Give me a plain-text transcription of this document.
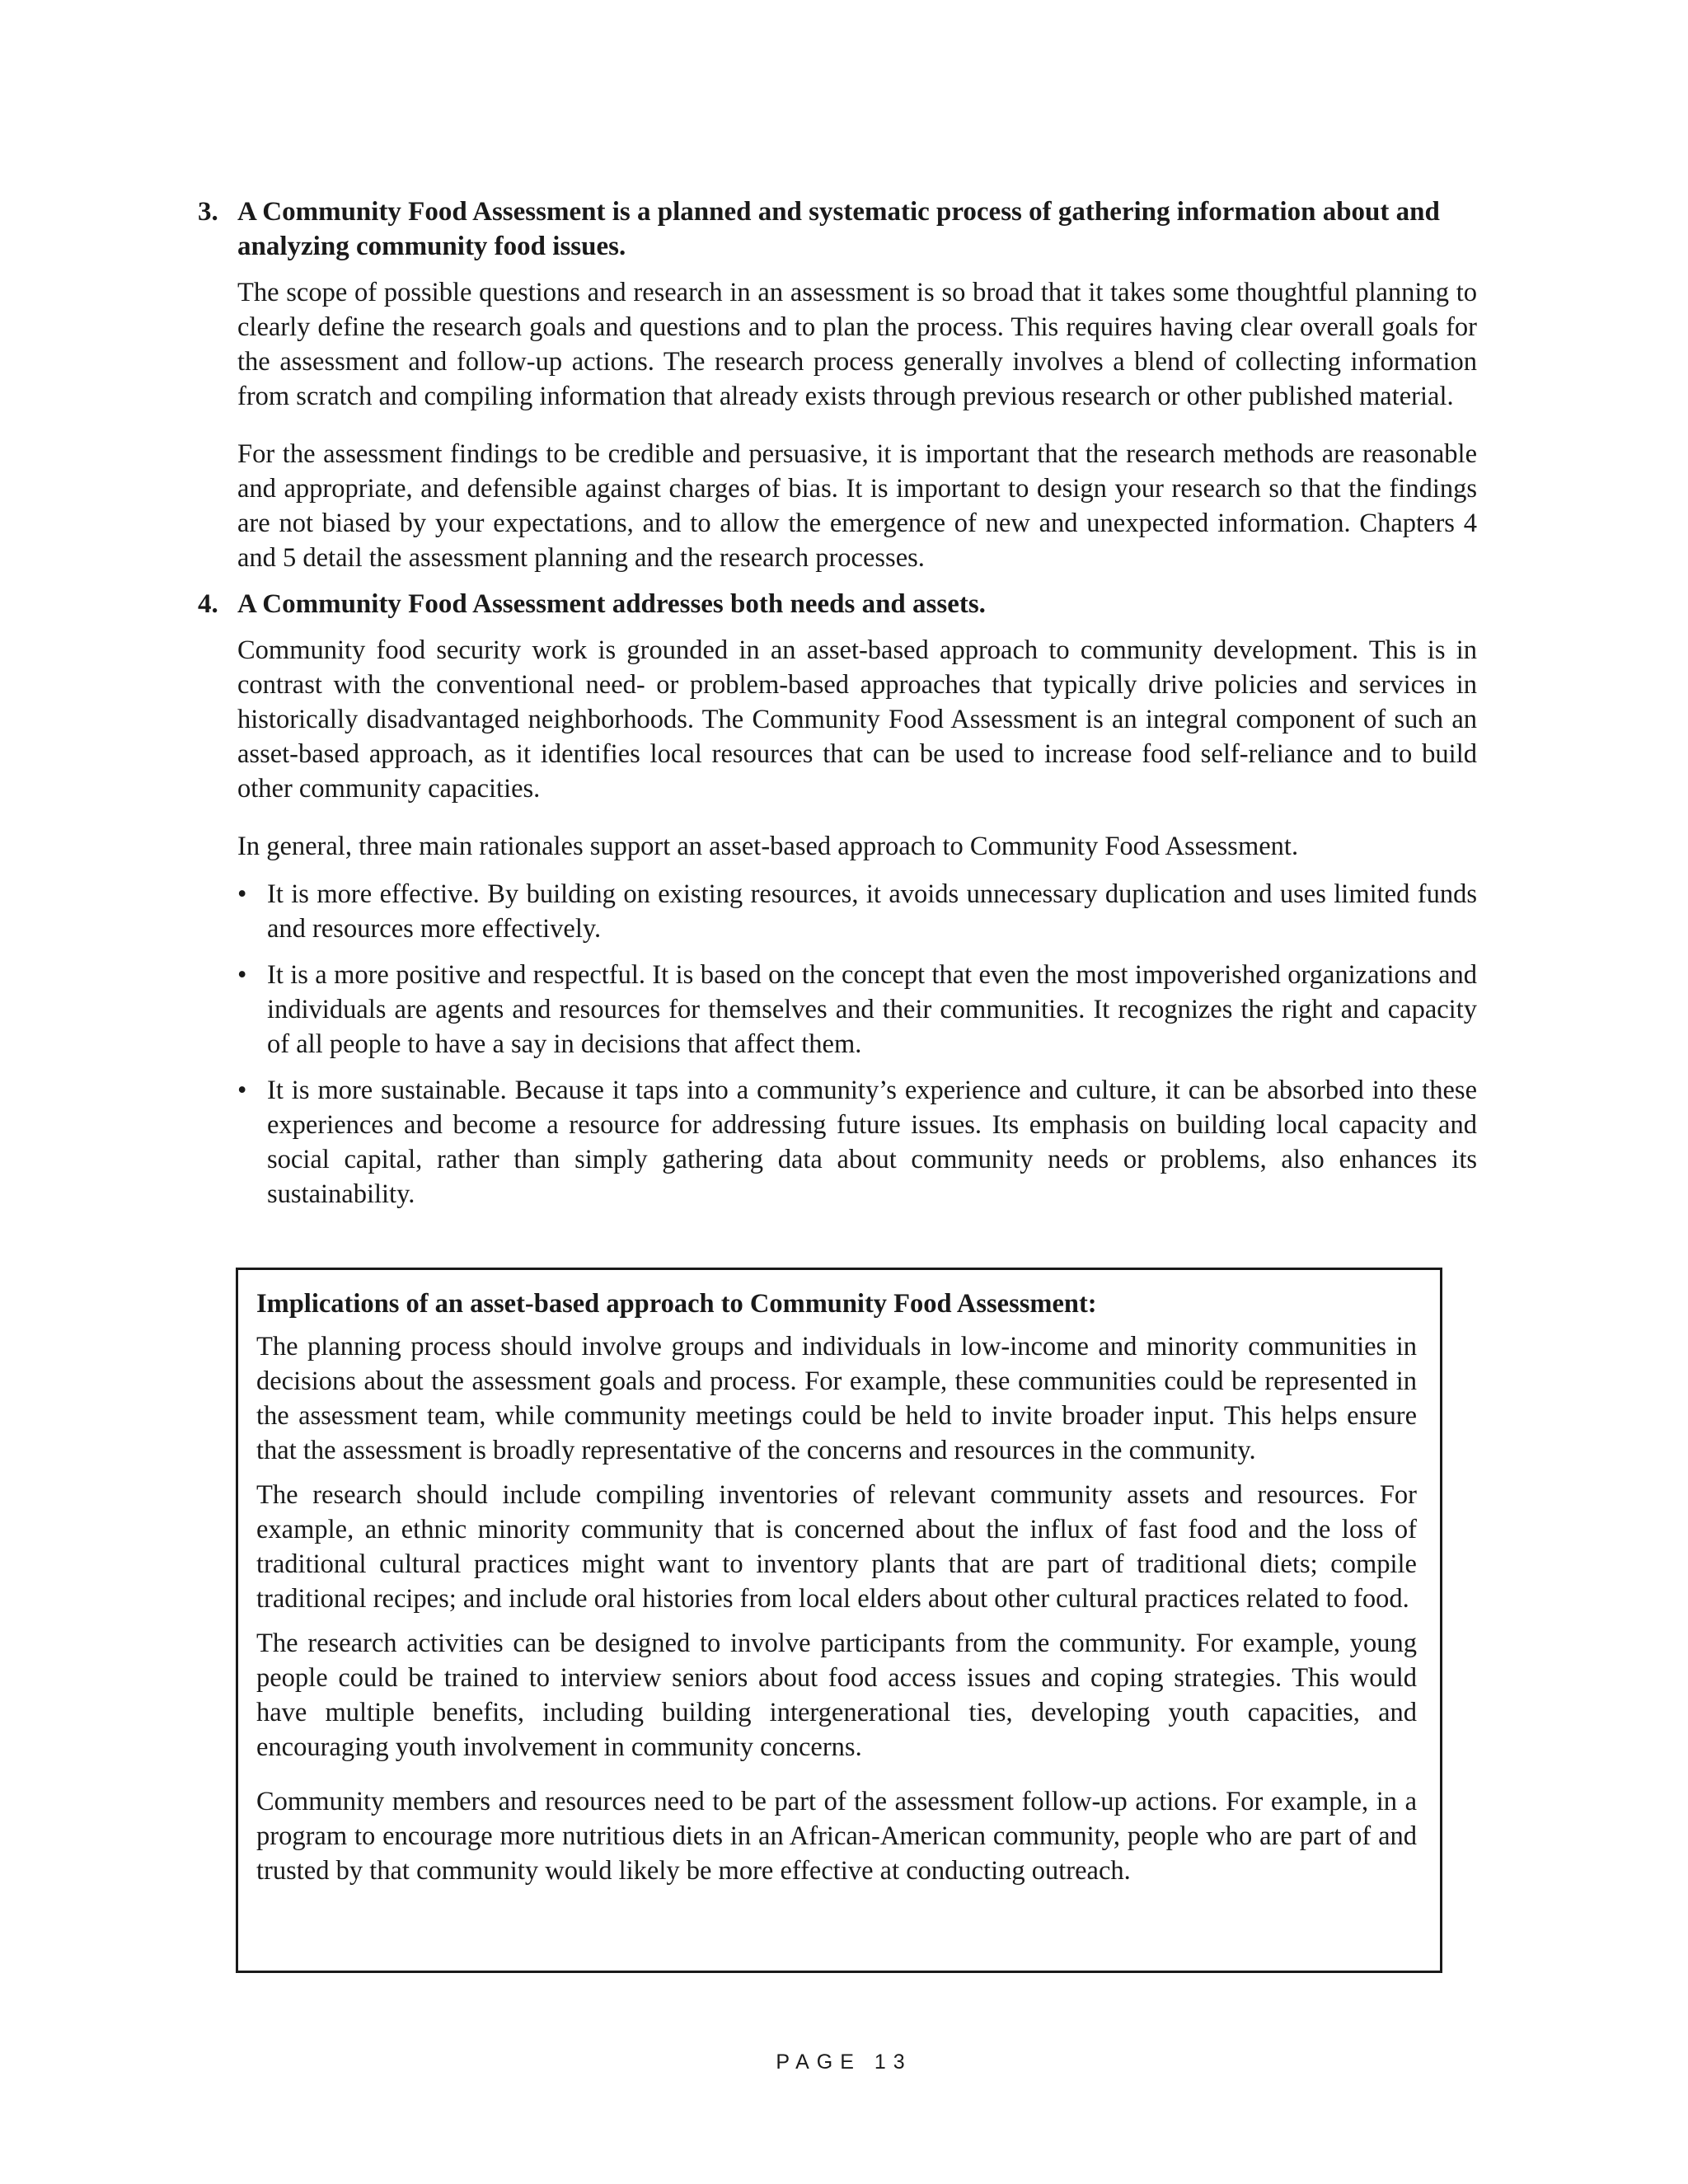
3. A Community Food Assessment is a planned and systematic process of gathering information about and analyzing community food issues.

The scope of possible questions and research in an assessment is so broad that it takes some thoughtful planning to clearly define the research goals and questions and to plan the process. This requires having clear overall goals for the assessment and follow-up actions. The research process generally involves a blend of collecting information from scratch and compiling information that already exists through previous research or other published material.

For the assessment findings to be credible and persuasive, it is important that the research methods are reasonable and appropriate, and defensible against charges of bias. It is important to design your research so that the findings are not biased by your expectations, and to allow the emergence of new and unexpected information. Chapters 4 and 5 detail the assessment planning and the research processes.

4. A Community Food Assessment addresses both needs and assets.

Community food security work is grounded in an asset-based approach to community development. This is in contrast with the conventional need- or problem-based approaches that typically drive policies and services in historically disadvantaged neighborhoods. The Community Food Assessment is an integral component of such an asset-based approach, as it identifies local resources that can be used to increase food self-reliance and to build other community capacities.

In general, three main rationales support an asset-based approach to Community Food Assessment.

• It is more effective. By building on existing resources, it avoids unnecessary duplication and uses limited funds and resources more effectively.
• It is a more positive and respectful. It is based on the concept that even the most impoverished organizations and individuals are agents and resources for themselves and their communities. It recognizes the right and capacity of all people to have a say in decisions that affect them.
• It is more sustainable. Because it taps into a community’s experience and culture, it can be absorbed into these experiences and become a resource for addressing future issues. Its emphasis on building local capacity and social capital, rather than simply gathering data about community needs or problems, also enhances its sustainability.

Implications of an asset-based approach to Community Food Assessment:

The planning process should involve groups and individuals in low-income and minority communities in decisions about the assessment goals and process. For example, these communities could be represented in the assessment team, while community meetings could be held to invite broader input. This helps ensure that the assessment is broadly representative of the concerns and resources in the community.

The research should include compiling inventories of relevant community assets and resources. For example, an ethnic minority community that is concerned about the influx of fast food and the loss of traditional cultural practices might want to inventory plants that are part of traditional diets; compile traditional recipes; and include oral histories from local elders about other cultural practices related to food.

The research activities can be designed to involve participants from the community. For example, young people could be trained to interview seniors about food access issues and coping strategies. This would have multiple benefits, including building intergenerational ties, developing youth capacities, and encouraging youth involvement in community concerns.

Community members and resources need to be part of the assessment follow-up actions. For example, in a program to encourage more nutritious diets in an African-American community, people who are part of and trusted by that community would likely be more effective at conducting outreach.

PAGE 13
